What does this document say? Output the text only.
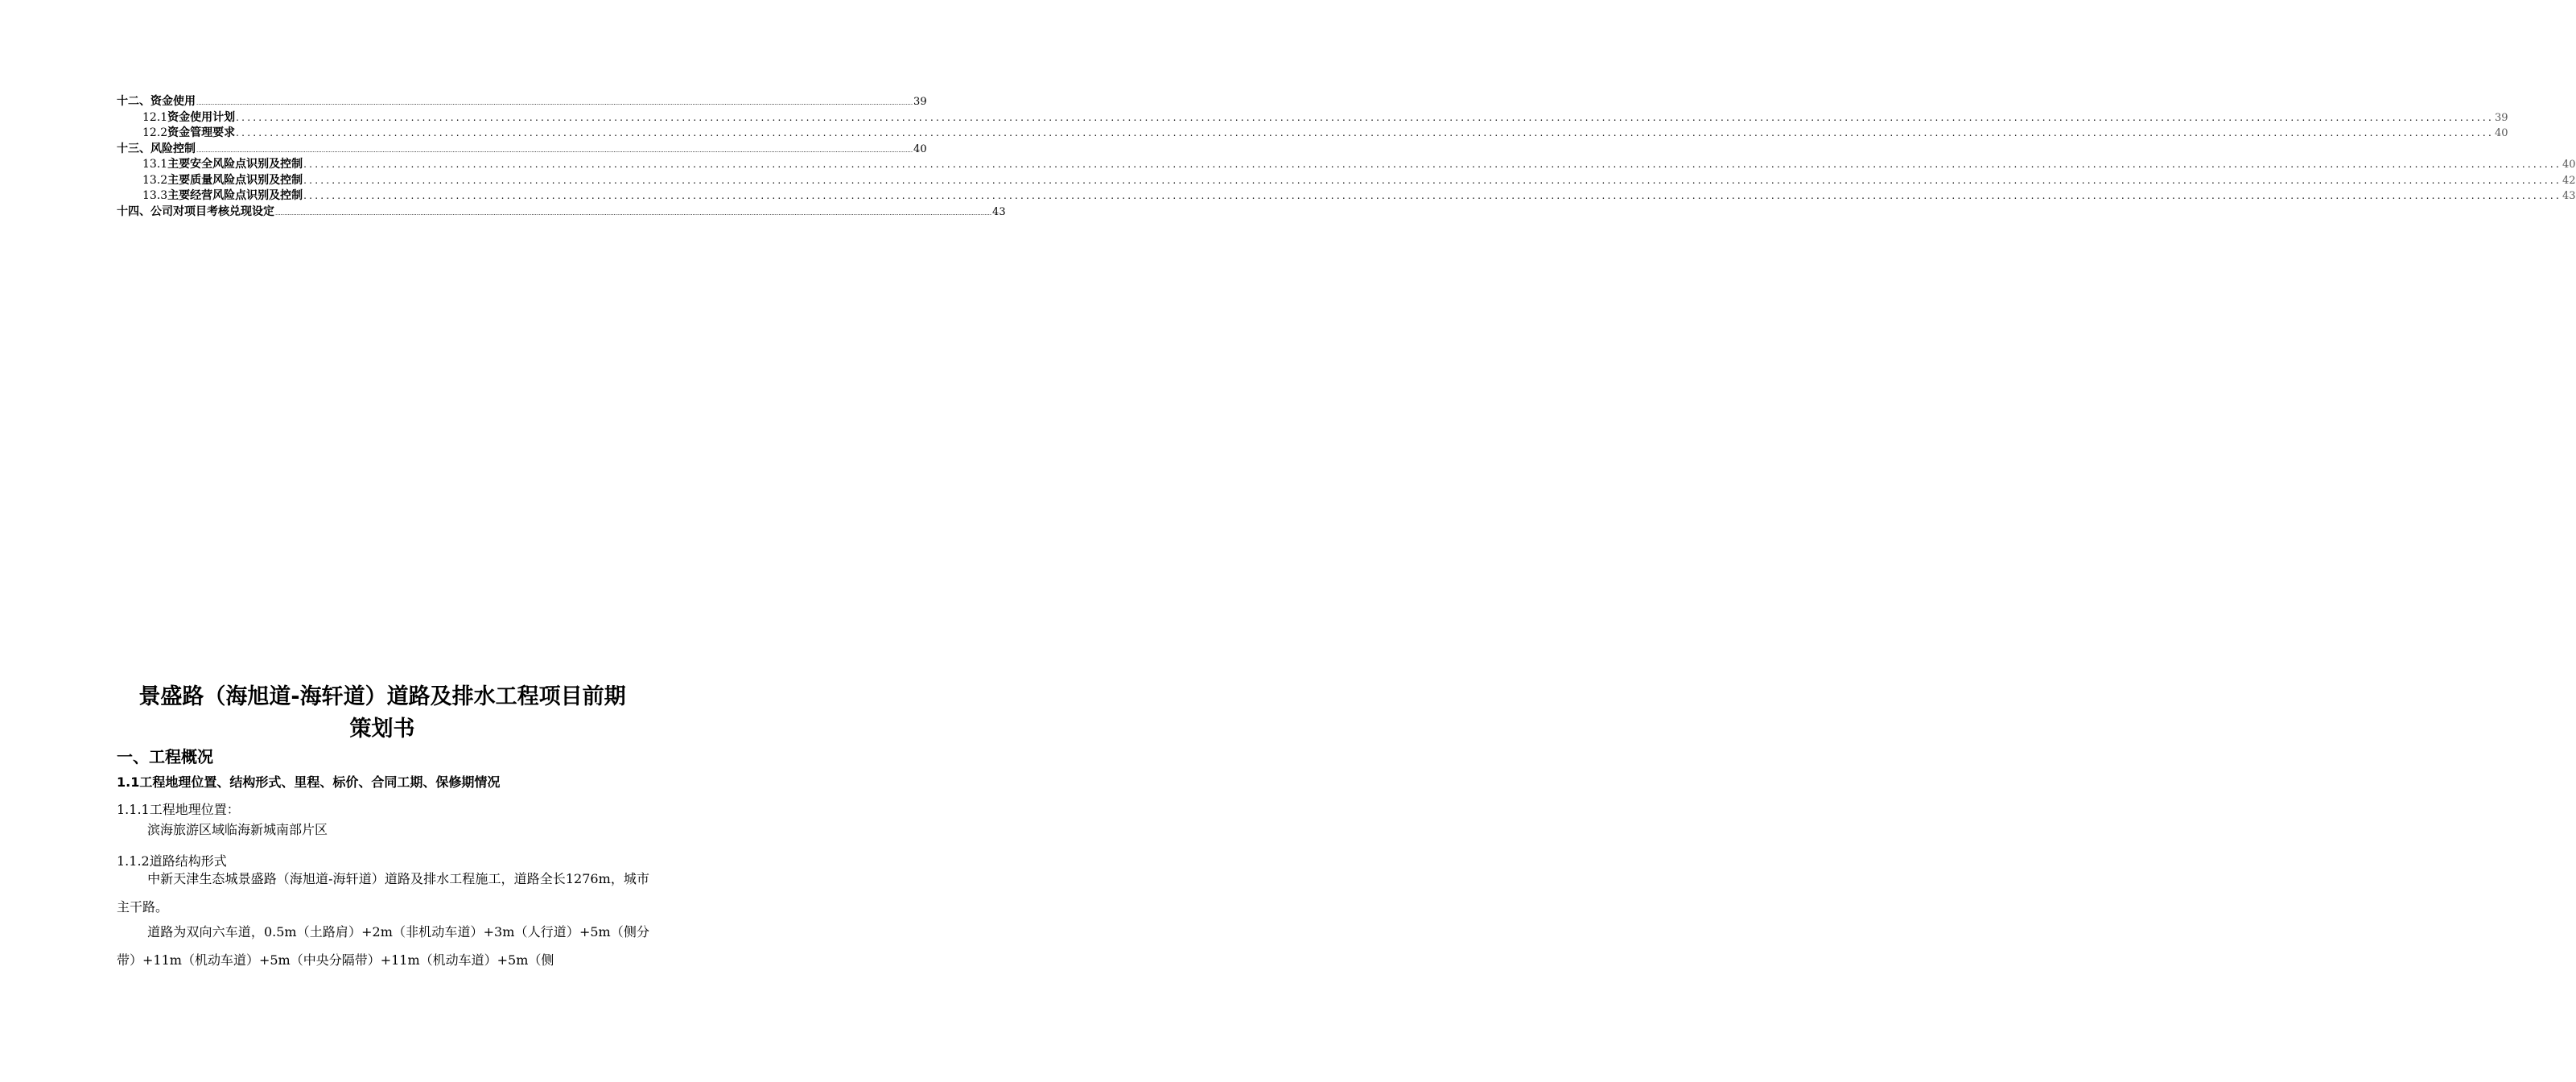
十二、资金使用 ................................................................................................................................................................................................................................................................................................................................................................................................................ 39
12.1资金使用计划 ................................................................................................................................................................................................................................................................................................................................................................................................................ 39
12.2资金管理要求 ................................................................................................................................................................................................................................................................................................................................................................................................................ 40
十三、风险控制 ................................................................................................................................................................................................................................................................................................................................................................................................................ 40
13.1主要安全风险点识别及控制 ................................................................................................................................................................................................................................................................................................................................................................................................................ 40
13.2主要质量风险点识别及控制 ................................................................................................................................................................................................................................................................................................................................................................................................................ 42
13.3主要经营风险点识别及控制 ................................................................................................................................................................................................................................................................................................................................................................................................................ 43
十四、公司对项目考核兑现设定 ................................................................................................................................................................................................................................................................................................................................................................................................................ 43
景盛路（海旭道-海轩道）道路及排水工程项目前期
策划书
一、工程概况
1.1工程地理位置、结构形式、里程、标价、合同工期、保修期情况
1.1.1工程地理位置：
滨海旅游区域临海新城南部片区
1.1.2道路结构形式
中新天津生态城景盛路（海旭道-海轩道）道路及排水工程施工，道路全长1276m，城市主干路。
道路为双向六车道，0.5m（土路肩）+2m（非机动车道）+3m（人行道）+5m（侧分带）+11m（机动车道）+5m（中央分隔带）+11m（机动车道）+5m（侧
